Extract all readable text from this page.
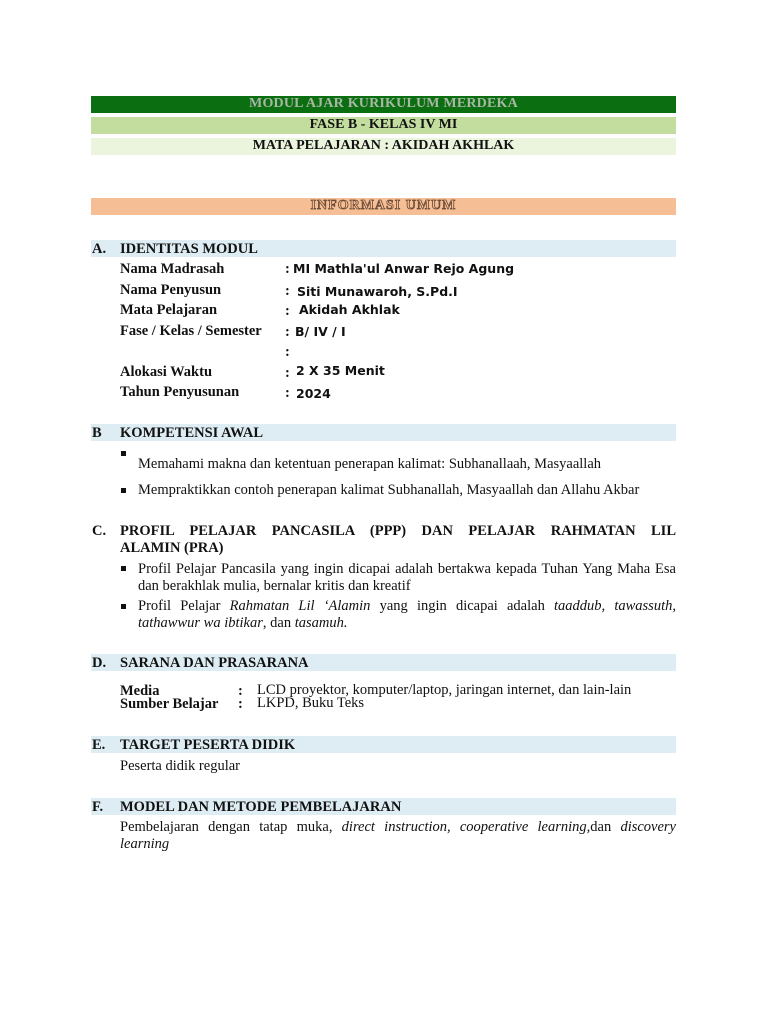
MODUL AJAR KURIKULUM MERDEKA
FASE B - KELAS IV MI
MATA PELAJARAN : AKIDAH AKHLAK
INFORMASI UMUM
A. IDENTITAS MODUL
Nama Madrasah	: MI Mathla'ul Anwar Rejo Agung
Nama Penyusun	: Siti Munawaroh, S.Pd.I
Mata Pelajaran	: Akidah Akhlak
Fase / Kelas / Semester : B/ IV / I
:
Alokasi Waktu	: 2 X 35 Menit
Tahun Penyusunan	: 2024
B KOMPETENSI AWAL
Memahami makna dan ketentuan penerapan kalimat: Subhanallaah, Masyaallah
Mempraktikkan contoh penerapan kalimat Subhanallah, Masyaallah dan Allahu Akbar
C. PROFIL PELAJAR PANCASILA (PPP) DAN PELAJAR RAHMATAN LIL
ALAMIN (PRA)
Profil Pelajar Pancasila yang ingin dicapai adalah bertakwa kepada Tuhan Yang Maha Esa dan berakhlak mulia, bernalar kritis dan kreatif
Profil Pelajar Rahmatan Lil ‘Alamin yang ingin dicapai adalah taaddub, tawassuth, tathawwur wa ibtikar, dan tasamuh.
D. SARANA DAN PRASARANA
Media	: LCD proyektor, komputer/laptop, jaringan internet, dan lain-lain
Sumber Belajar : LKPD, Buku Teks
E. TARGET PESERTA DIDIK
Peserta didik regular
F. MODEL DAN METODE PEMBELAJARAN
Pembelajaran dengan tatap muka, direct instruction, cooperative learning,dan discovery learning
